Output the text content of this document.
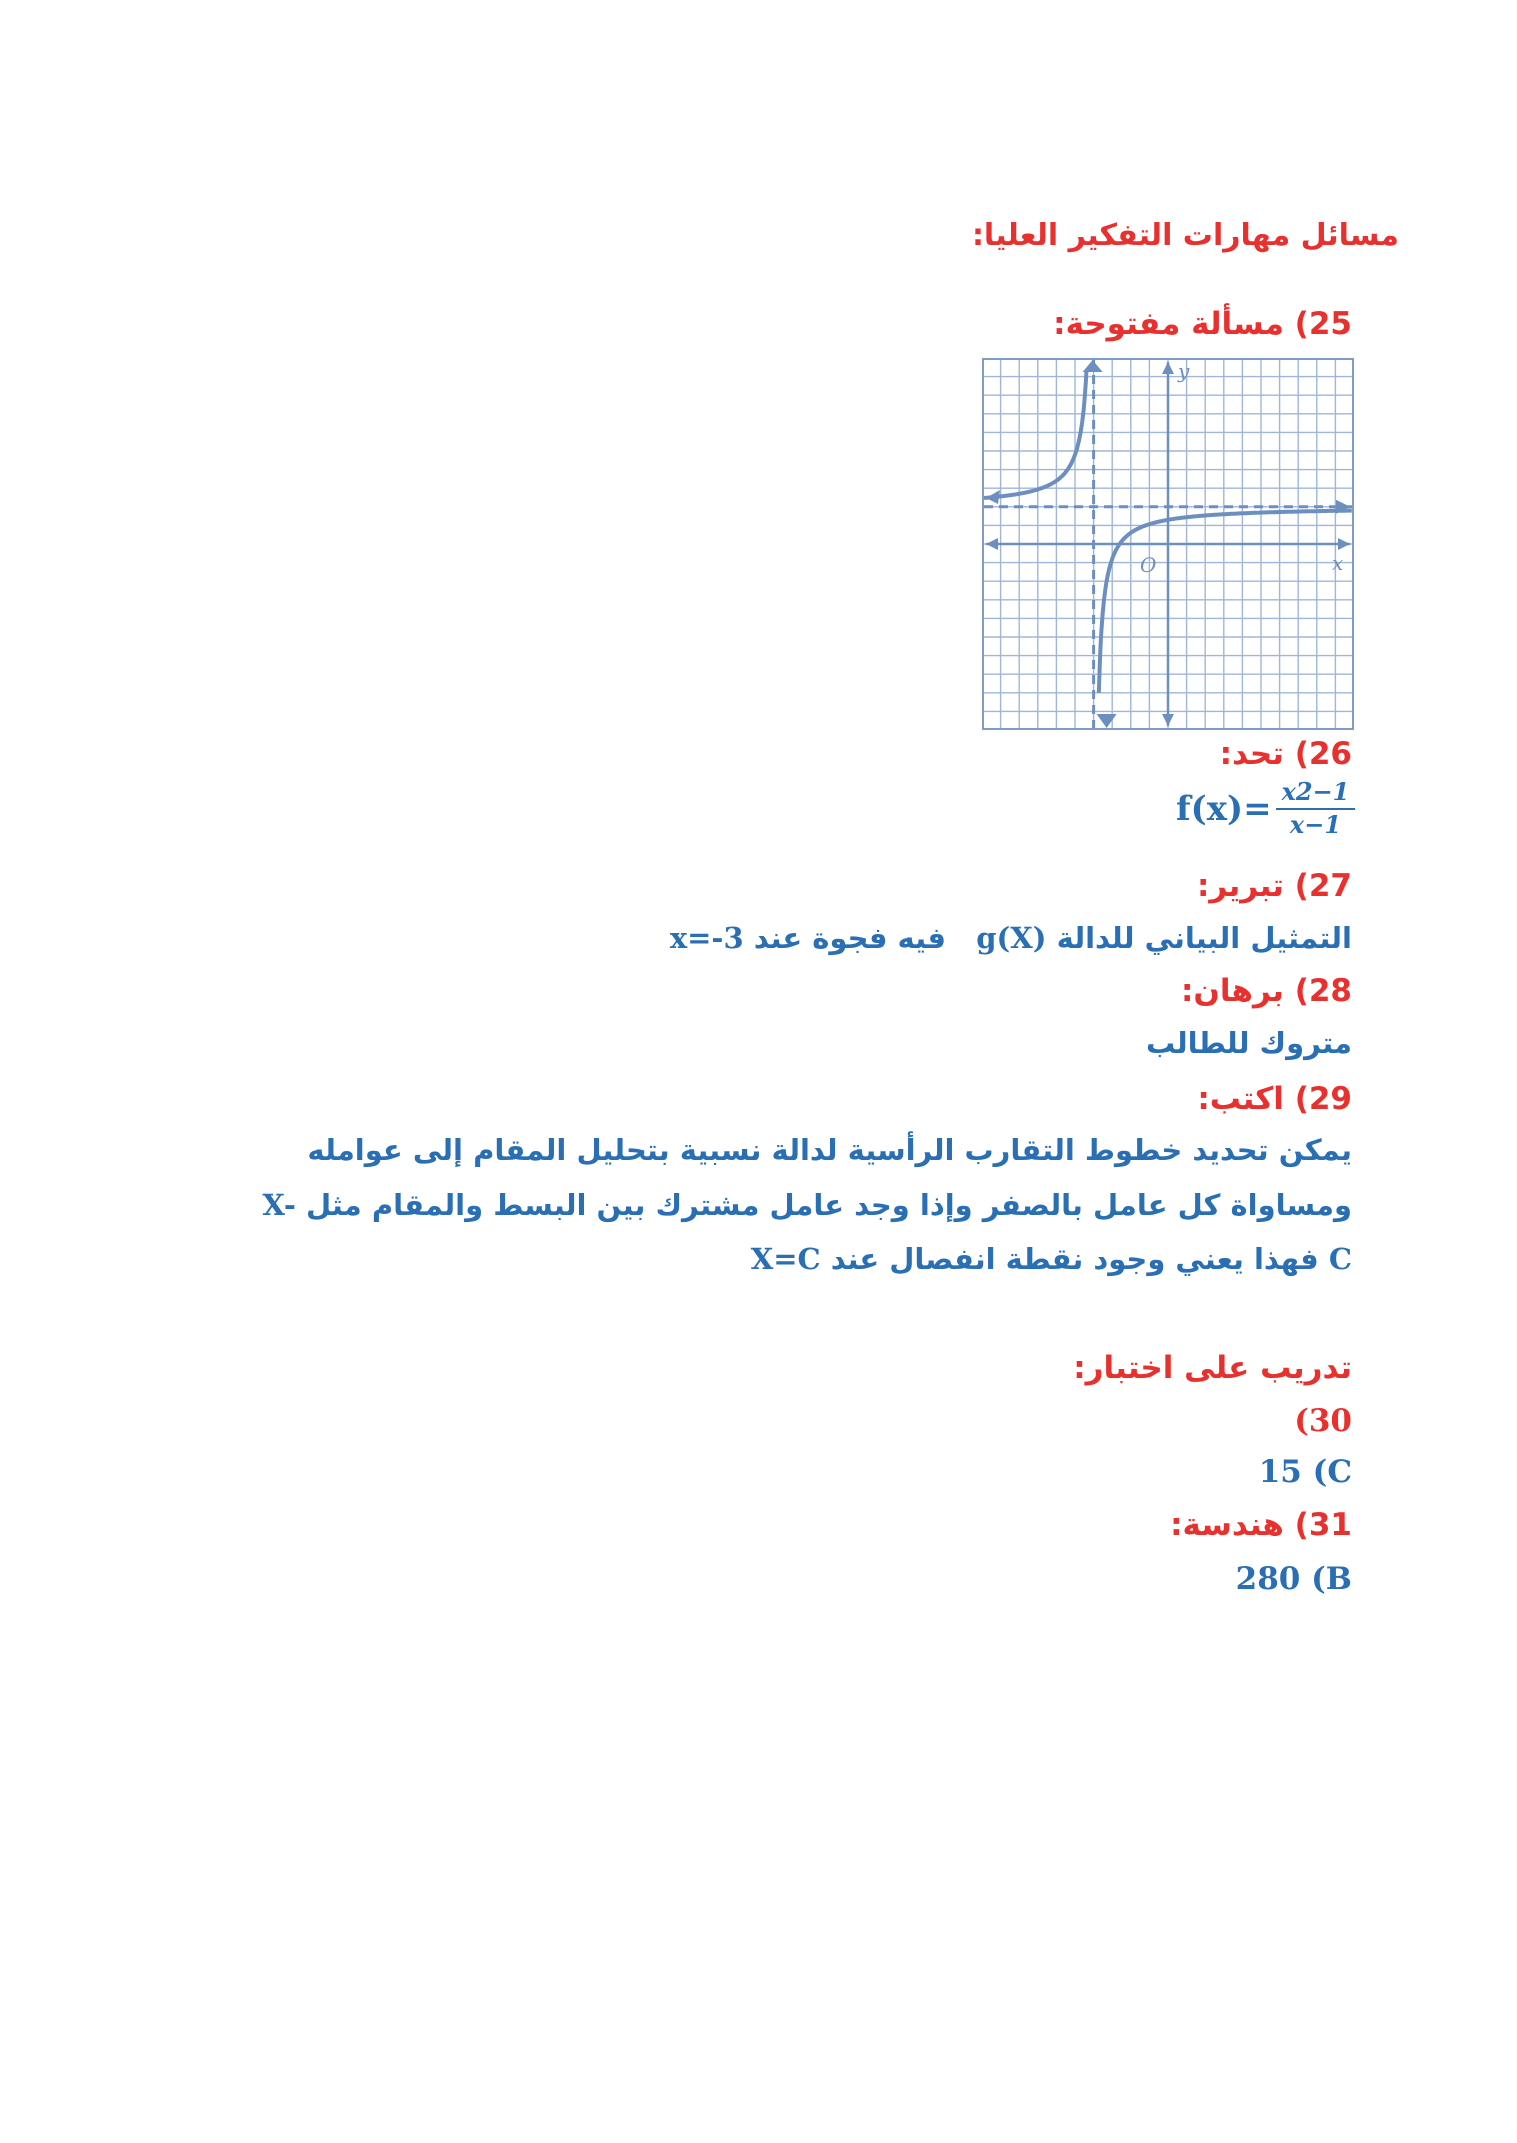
مسائل مهارات التفكير العليا:
25) مسألة مفتوحة:
y
x
O
26) تحد:
$f(x)= \frac{x2-1}{x-1}$
27) تبرير:
التمثيل البياني للدالة g(X)   فيه فجوة عند x=-3
28) برهان:
متروك للطالب
29) اكتب:
يمكن تحديد خطوط التقارب الرأسية لدالة نسبية بتحليل المقام إلى عوامله
ومساواة كل عامل بالصفر وإذا وجد عامل مشترك بين البسط والمقام مثل X-
C فهذا يعني وجود نقطة انفصال عند X=C
تدريب على اختبار:
(30
15 (C
31) هندسة:
280 (B
